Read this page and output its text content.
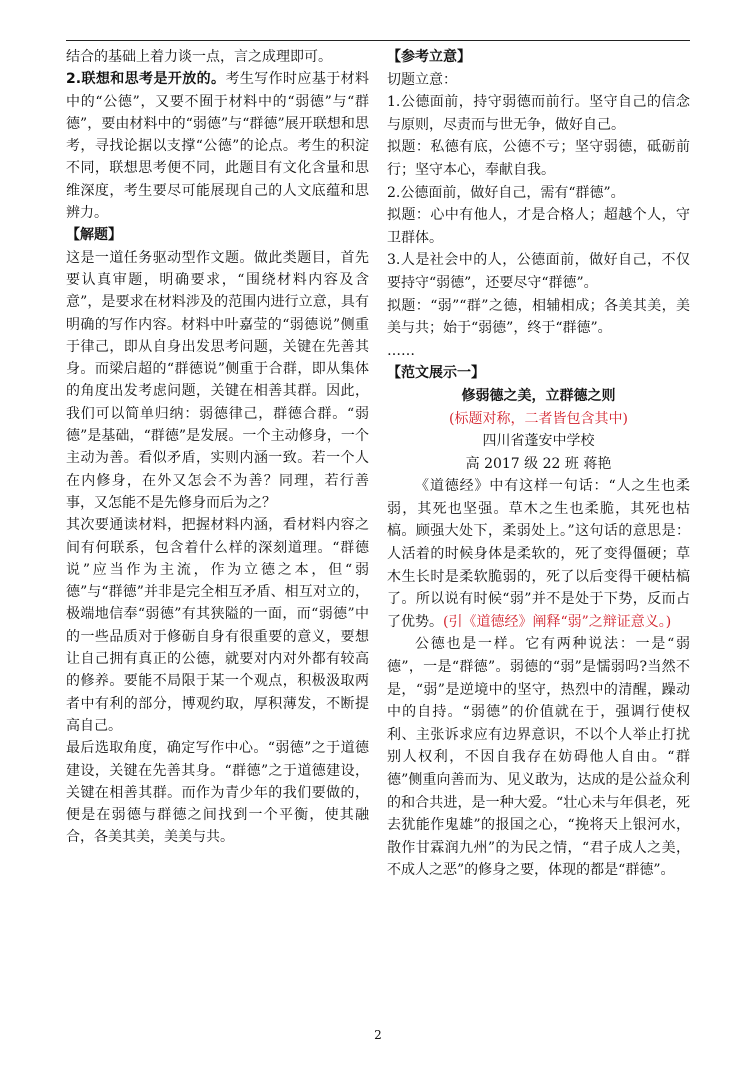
结合的基础上着力谈一点，言之成理即可。

2.联想和思考是开放的。考生写作时应基于材料中的“公德”，又要不囿于材料中的“弱德”与“群德”，要由材料中的“弱德”与“群德”展开联想和思考，寻找论据以支撑“公德”的论点。考生的积淀不同，联想思考便不同，此题目有文化含量和思维深度，考生要尽可能展现自己的人文底蕴和思辨力。

【解题】

这是一道任务驱动型作文题。做此类题目，首先要认真审题，明确要求，“围绕材料内容及含意”，是要求在材料涉及的范围内进行立意，具有明确的写作内容。材料中叶嘉莹的“弱德说”侧重于律己，即从自身出发思考问题，关键在先善其身。而梁启超的“群德说”侧重于合群，即从集体的角度出发考虑问题，关键在相善其群。因此，我们可以简单归纳：弱德律己，群德合群。“弱德”是基础，“群德”是发展。一个主动修身，一个主动为善。看似矛盾，实则内涵一致。若一个人在内修身，在外又怎会不为善？同理，若行善事，又怎能不是先修身而后为之？

其次要通读材料，把握材料内涵，看材料内容之间有何联系，包含着什么样的深刻道理。“群德说”应当作为主流，作为立德之本，但“弱德”与“群德”并非是完全相互矛盾、相互对立的，极端地信奉“弱德”有其狭隘的一面，而“弱德”中的一些品质对于修砺自身有很重要的意义，要想让自己拥有真正的公德，就要对内对外都有较高的修养。要能不局限于某一个观点，积极汲取两者中有利的部分，博观约取，厚积薄发，不断提高自己。

最后选取角度，确定写作中心。“弱德”之于道德建设，关键在先善其身。“群德”之于道德建设，关键在相善其群。而作为青少年的我们要做的，便是在弱德与群德之间找到一个平衡，使其融合，各美其美，美美与共。

【参考立意】

切题立意：

1.公德面前，持守弱德而前行。坚守自己的信念与原则，尽责而与世无争，做好自己。

拟题：私德有底，公德不亏；坚守弱德，砥砺前行；坚守本心，奉献自我。

2.公德面前，做好自己，需有“群德”。

拟题：心中有他人，才是合格人；超越个人，守卫群体。

3.人是社会中的人，公德面前，做好自己，不仅要持守“弱德”，还要尽守“群德”。

拟题：“弱”“群”之德，相辅相成；各美其美，美美与共；始于“弱德”，终于“群德”。

……

【范文展示一】

修弱德之美，立群德之则

(标题对称，二者皆包含其中)

四川省蓬安中学校

高 2017 级 22 班 蒋艳

《道德经》中有这样一句话：“人之生也柔弱，其死也坚强。草木之生也柔脆，其死也枯槁。顾强大处下，柔弱处上。”这句话的意思是：人活着的时候身体是柔软的，死了变得僵硬；草木生长时是柔软脆弱的，死了以后变得干硬枯槁了。所以说有时候“弱”并不是处于下势，反而占了优势。(引《道德经》阐释“弱”之辩证意义。)

公德也是一样。它有两种说法：一是“弱德”，一是“群德”。弱德的“弱”是懦弱吗?当然不是，“弱”是逆境中的坚守，热烈中的清醒，躁动中的自持。“弱德”的价值就在于，强调行使权利、主张诉求应有边界意识，不以个人举止打扰别人权利，不因自我存在妨碍他人自由。“群德”侧重向善而为、见义敢为，达成的是公益众利的和合共进，是一种大爱。“壮心未与年俱老，死去犹能作鬼雄”的报国之心，“挽将天上银河水，散作甘霖润九州”的为民之情，“君子成人之美，不成人之恶”的修身之要，体现的都是“群德”。

2
